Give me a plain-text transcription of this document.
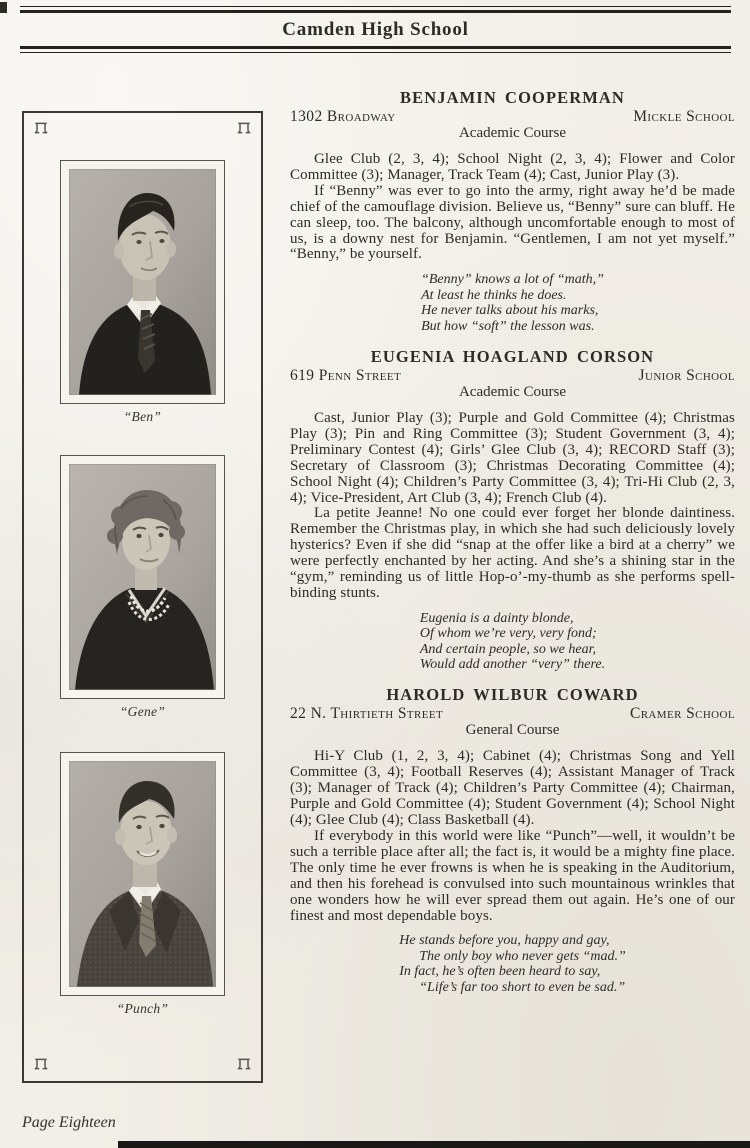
Camden High School
“Ben”
“Gene”
“Punch”
BENJAMIN COOPERMAN
1302 Broadway	Mickle School
Academic Course

Glee Club (2, 3, 4); School Night (2, 3, 4); Flower and Color Committee (3); Manager, Track Team (4); Cast, Junior Play (3).

If “Benny” was ever to go into the army, right away he’d be made chief of the camouflage division. Believe us, “Benny” sure can bluff. He can sleep, too. The balcony, although uncomfortable enough to most of us, is a downy nest for Benjamin. “Gentlemen, I am not yet myself.” “Benny,” be yourself.

“Benny” knows a lot of “math,”
At least he thinks he does.
He never talks about his marks,
But how “soft” the lesson was.
EUGENIA HOAGLAND CORSON
619 Penn Street	Junior School
Academic Course

Cast, Junior Play (3); Purple and Gold Committee (4); Christmas Play (3); Pin and Ring Committee (3); Student Government (3, 4); Preliminary Contest (4); Girls’ Glee Club (3, 4); RECORD Staff (3); Secretary of Classroom (3); Christmas Decorating Committee (4); School Night (4); Children’s Party Committee (3, 4); Tri-Hi Club (2, 3, 4); Vice-President, Art Club (3, 4); French Club (4).

La petite Jeanne! No one could ever forget her blonde daintiness. Remember the Christmas play, in which she had such deliciously lovely hysterics? Even if she did “snap at the offer like a bird at a cherry” we were perfectly enchanted by her acting. And she’s a shining star in the “gym,” reminding us of little Hop-o’-my-thumb as she performs spell-binding stunts.

Eugenia is a dainty blonde,
Of whom we’re very, very fond;
And certain people, so we hear,
Would add another “very” there.
HAROLD WILBUR COWARD
22 N. Thirtieth Street	Cramer School
General Course

Hi-Y Club (1, 2, 3, 4); Cabinet (4); Christmas Song and Yell Committee (3, 4); Football Reserves (4); Assistant Manager of Track (3); Manager of Track (4); Children’s Party Committee (4); Chairman, Purple and Gold Committee (4); Student Government (4); School Night (4); Glee Club (4); Class Basketball (4).

If everybody in this world were like “Punch”—well, it wouldn’t be such a terrible place after all; the fact is, it would be a mighty fine place. The only time he ever frowns is when he is speaking in the Auditorium, and then his forehead is convulsed into such mountainous wrinkles that one wonders how he will ever spread them out again. He’s one of our finest and most dependable boys.

He stands before you, happy and gay,
The only boy who never gets “mad.”
In fact, he’s often been heard to say,
“Life’s far too short to even be sad.”
Page Eighteen
